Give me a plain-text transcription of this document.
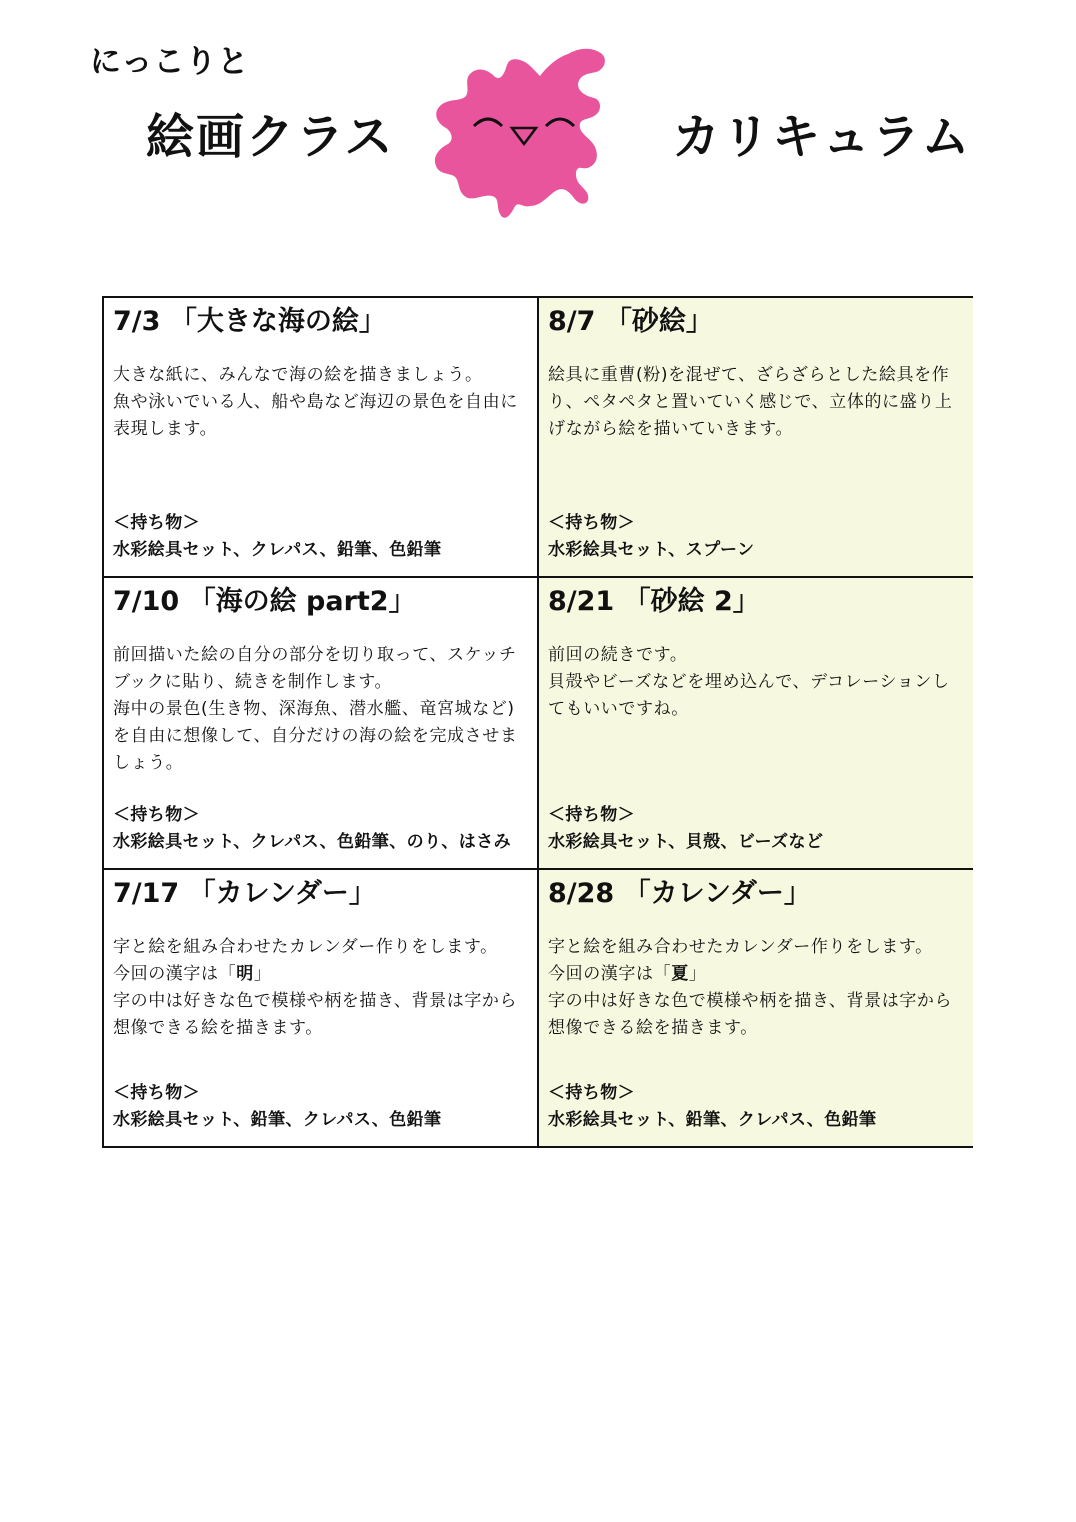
にっこりと
絵画クラス	カリキュラム
7/3 「大きな海の絵」
大きな紙に、みんなで海の絵を描きましょう。
魚や泳いでいる人、船や島など海辺の景色を自由に
表現します。
＜持ち物＞
水彩絵具セット、クレパス、鉛筆、色鉛筆
8/7 「砂絵」
絵具に重曹(粉)を混ぜて、ざらざらとした絵具を作
り、ペタペタと置いていく感じで、立体的に盛り上
げながら絵を描いていきます。
＜持ち物＞
水彩絵具セット、スプーン
7/10 「海の絵 part2」
前回描いた絵の自分の部分を切り取って、スケッチ
ブックに貼り、続きを制作します。
海中の景色(生き物、深海魚、潜水艦、竜宮城など)
を自由に想像して、自分だけの海の絵を完成させま
しょう。
＜持ち物＞
水彩絵具セット、クレパス、色鉛筆、のり、はさみ
8/21 「砂絵 2」
前回の続きです。
貝殻やビーズなどを埋め込んで、デコレーションし
てもいいですね。
＜持ち物＞
水彩絵具セット、貝殻、ビーズなど
7/17 「カレンダー」
字と絵を組み合わせたカレンダー作りをします。
今回の漢字は「明」
字の中は好きな色で模様や柄を描き、背景は字から
想像できる絵を描きます。
＜持ち物＞
水彩絵具セット、鉛筆、クレパス、色鉛筆
8/28 「カレンダー」
字と絵を組み合わせたカレンダー作りをします。
今回の漢字は「夏」
字の中は好きな色で模様や柄を描き、背景は字から
想像できる絵を描きます。
＜持ち物＞
水彩絵具セット、鉛筆、クレパス、色鉛筆
